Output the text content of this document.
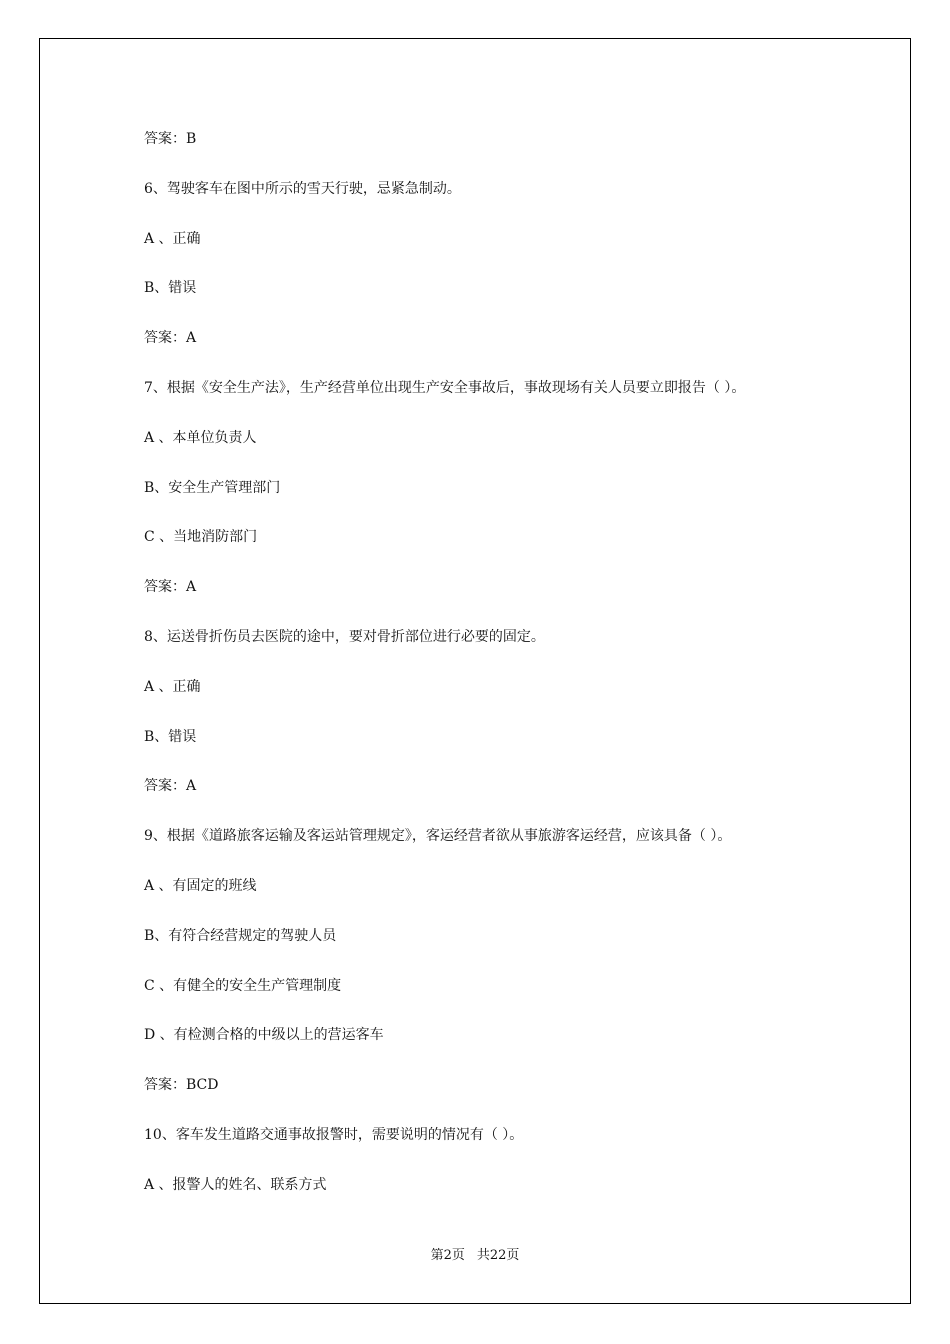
答案：B
6、驾驶客车在图中所示的雪天行驶，忌紧急制动。
A 、正确
B、错误
答案：A
7、根据《安全生产法》，生产经营单位出现生产安全事故后，事故现场有关人员要立即报告（ ）。
A 、本单位负责人
B、安全生产管理部门
C 、当地消防部门
答案：A
8、运送骨折伤员去医院的途中，要对骨折部位进行必要的固定。
A 、正确
B、错误
答案：A
9、根据《道路旅客运输及客运站管理规定》，客运经营者欲从事旅游客运经营，应该具备（ ）。
A 、有固定的班线
B、有符合经营规定的驾驶人员
C 、有健全的安全生产管理制度
D 、有检测合格的中级以上的营运客车
答案：BCD
10、客车发生道路交通事故报警时，需要说明的情况有（ ）。
A 、报警人的姓名、联系方式
第2页 共22页
